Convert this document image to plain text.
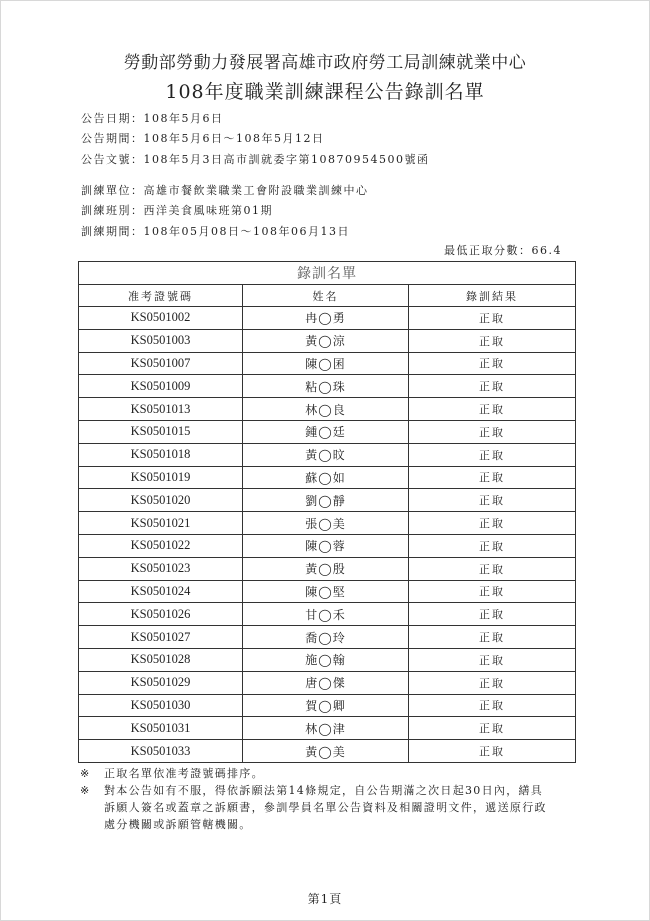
勞動部勞動力發展署高雄市政府勞工局訓練就業中心
108年度職業訓練課程公告錄訓名單
公告日期：108年5月6日
公告期間：108年5月6日～108年5月12日
公告文號：108年5月3日高市訓就委字第10870954500號函
訓練單位：高雄市餐飲業職業工會附設職業訓練中心
訓練班別：西洋美食風味班第01期
訓練期間：108年05月08日～108年06月13日
最低正取分數：66.4
錄訓名單		
准考證號碼	姓名	錄訓結果
KS0501002	冉◯勇	正取
KS0501003	黃◯涼	正取
KS0501007	陳◯囷	正取
KS0501009	粘◯珠	正取
KS0501013	林◯良	正取
KS0501015	鍾◯廷	正取
KS0501018	黃◯旼	正取
KS0501019	蘇◯如	正取
KS0501020	劉◯靜	正取
KS0501021	張◯美	正取
KS0501022	陳◯蓉	正取
KS0501023	黃◯殷	正取
KS0501024	陳◯堅	正取
KS0501026	甘◯禾	正取
KS0501027	喬◯玲	正取
KS0501028	施◯翰	正取
KS0501029	唐◯傑	正取
KS0501030	賀◯卿	正取
KS0501031	林◯津	正取
KS0501033	黃◯美	正取
※	正取名單依准考證號碼排序。
※	對本公告如有不服，得依訴願法第14條規定，自公告期滿之次日起30日內，繕具訴願人簽名或蓋章之訴願書，參訓學員名單公告資料及相關證明文件，遞送原行政處分機關或訴願管轄機關。
第1頁
